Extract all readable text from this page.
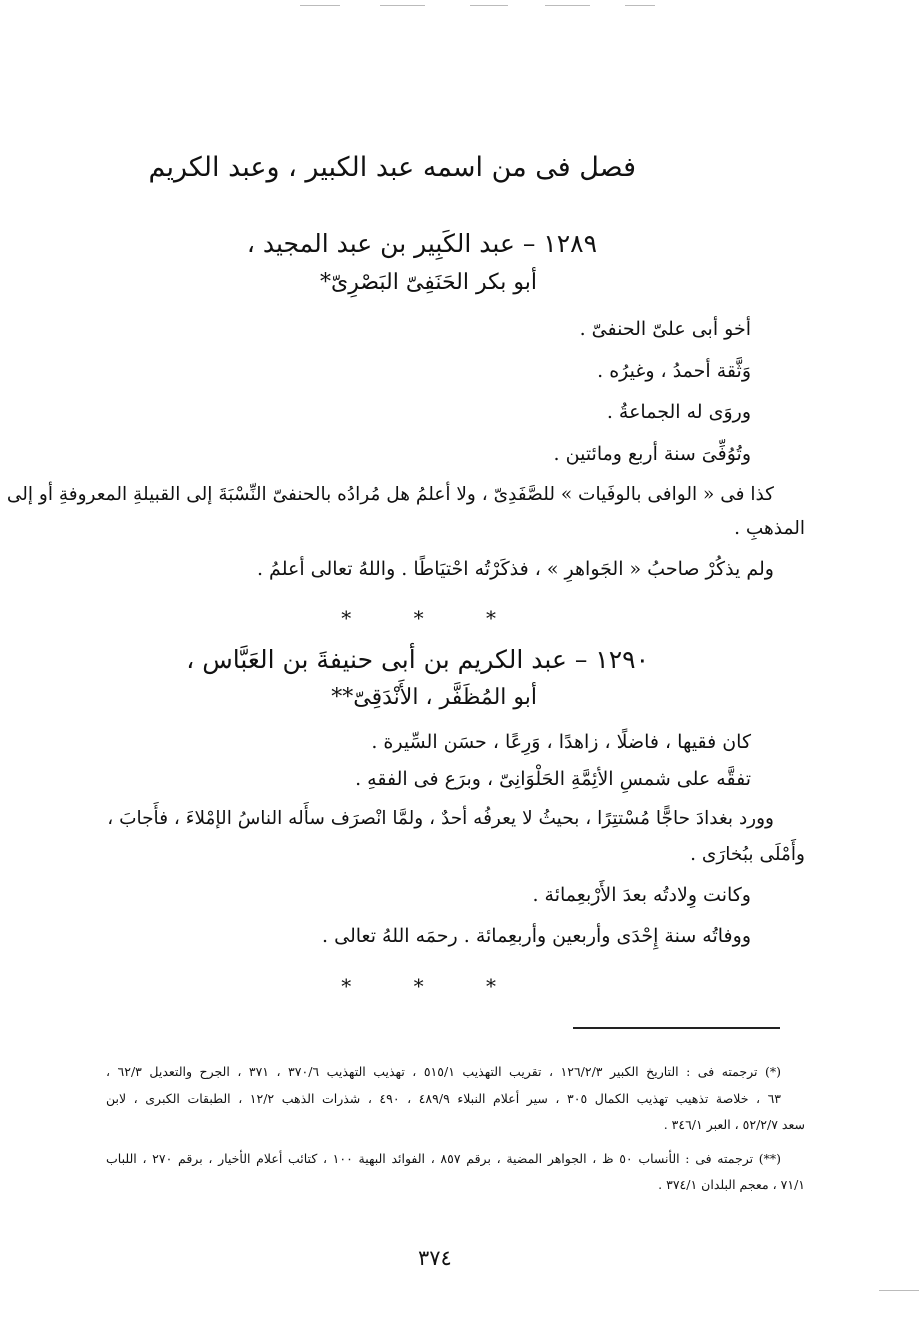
فصل فى من اسمه عبد الكبير ، وعبد الكريم
١٢٨٩ – عبد الكَبِير بن عبد المجيد ،
أبو بكر الحَنَفِىّ البَصْرِىّ*
أخو أبى علىّ الحنفىّ .
وَثَّقة أحمدُ ، وغيرُه .
وروَى له الجماعةُ .
وتُوُفِّىَ سنة أربع ومائتين .
كذا فى « الوافى بالوفَيات » للصَّفَدِىّ ، ولا أعلمُ هل مُرادُه بالحنفىّ النِّسْبَةَ إلى القبيلةِ المعروفةِ أو إلى
المذهبِ .
ولم يذكُرْ صاحبُ « الجَواهرِ » ، فذكَرْتُه احْتيَاطًا . واللهُ تعالى أعلمُ .
* * *
١٢٩٠ – عبد الكريم بن أبى حنيفةَ بن العَبَّاس ،
أبو المُظَفَّر ، الأَنْدَقِىّ**
كان فقيها ، فاضلًا ، زاهدًا ، وَرِعًا ، حسَن السِّيرة .
تفقَّه على شمسِ الأئِمَّةِ الحَلْوَانِىّ ، وبرَع فى الفقهِ .
وورد بغدادَ حاجًّا مُسْتتِرًا ، بحيثُ لا يعرفُه أحدٌ ، ولمَّا انْصرَف سأَله الناسُ الإمْلاءَ ، فأَجابَ ،
وأَمْلَى ببُخارَى .
وكانت وِلادتُه بعدَ الأَرْبعِمائة .
ووفاتُه سنة إِحْدَى وأربعين وأربعِمائة . رحمَه اللهُ تعالى .
* * *
(*) ترجمته فى : التاريخ الكبير ١٢٦/٢/٣ ، تقريب التهذيب ٥١٥/١ ، تهذيب التهذيب ٣٧٠/٦ ، ٣٧١ ، الجرح والتعديل ٦٢/٣ ،
٦٣ ، خلاصة تذهيب تهذيب الكمال ٣٠٥ ، سير أعلام النبلاء ٤٨٩/٩ ، ٤٩٠ ، شذرات الذهب ١٢/٢ ، الطبقات الكبرى ، لابن
سعد ٥٢/٢/٧ ، العبر ٣٤٦/١ .
(**) ترجمته فى : الأنساب ٥٠ ظ ، الجواهر المضية ، برقم ٨٥٧ ، الفوائد البهية ١٠٠ ، كتائب أعلام الأخيار ، برقم ٢٧٠ ، اللباب
٧١/١ ، معجم البلدان ٣٧٤/١ .
٣٧٤
